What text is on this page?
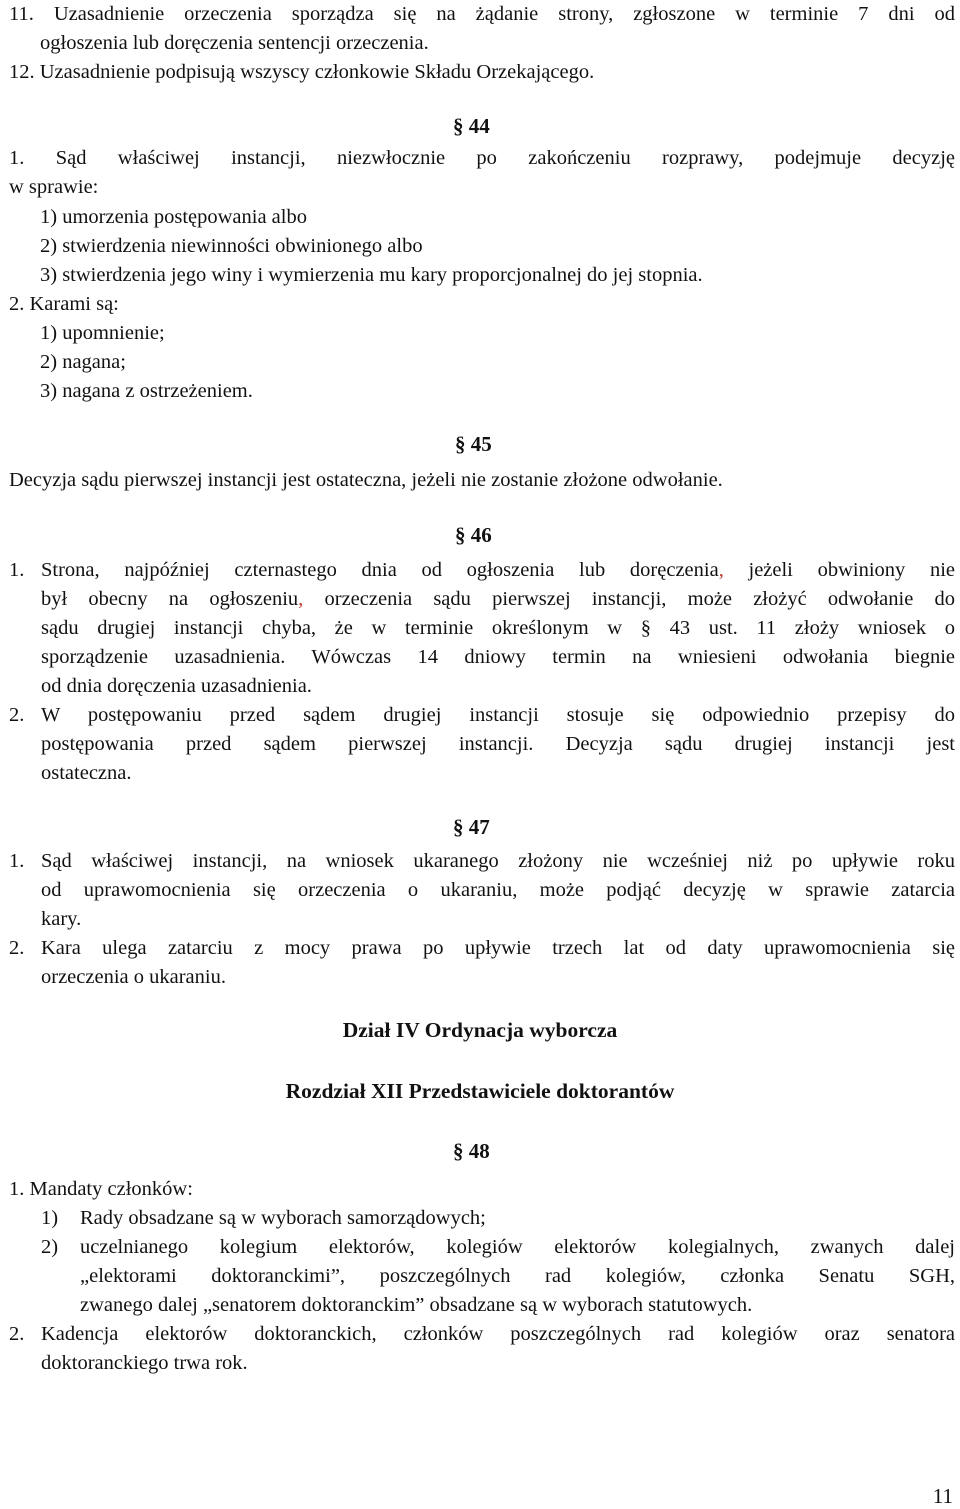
11. Uzasadnienie orzeczenia sporządza się na żądanie strony, zgłoszone w terminie 7 dni od
ogłoszenia lub doręczenia sentencji orzeczenia.
12. Uzasadnienie podpisują wszyscy członkowie Składu Orzekającego.
§ 44
1. Sąd właściwej instancji, niezwłocznie po zakończeniu rozprawy, podejmuje decyzję
w sprawie:
1) umorzenia postępowania albo
2) stwierdzenia niewinności obwinionego albo
3) stwierdzenia jego winy i wymierzenia mu kary proporcjonalnej do jej stopnia.
2. Karami są:
1) upomnienie;
2) nagana;
3) nagana z ostrzeżeniem.
§ 45
Decyzja sądu pierwszej instancji jest ostateczna, jeżeli nie zostanie złożone odwołanie.
§ 46
1. Strona, najpóźniej czternastego dnia od ogłoszenia lub doręczenia, jeżeli obwiniony nie
był obecny na ogłoszeniu, orzeczenia sądu pierwszej instancji, może złożyć odwołanie do
sądu drugiej instancji chyba, że w terminie określonym w § 43 ust. 11 złoży wniosek o
sporządzenie uzasadnienia. Wówczas 14 dniowy termin na wniesieni odwołania biegnie
od dnia doręczenia uzasadnienia.
2. W postępowaniu przed sądem drugiej instancji stosuje się odpowiednio przepisy do
postępowania przed sądem pierwszej instancji. Decyzja sądu drugiej instancji jest
ostateczna.
§ 47
1. Sąd właściwej instancji, na wniosek ukaranego złożony nie wcześniej niż po upływie roku
od uprawomocnienia się orzeczenia o ukaraniu, może podjąć decyzję w sprawie zatarcia
kary.
2. Kara ulega zatarciu z mocy prawa po upływie trzech lat od daty uprawomocnienia się
orzeczenia o ukaraniu.
Dział IV Ordynacja wyborcza
Rozdział XII Przedstawiciele doktorantów
§ 48
1. Mandaty członków:
1) Rady obsadzane są w wyborach samorządowych;
2) uczelnianego kolegium elektorów, kolegiów elektorów kolegialnych, zwanych dalej
„elektorami doktoranckimi”, poszczególnych rad kolegiów, członka Senatu SGH,
zwanego dalej „senatorem doktoranckim” obsadzane są w wyborach statutowych.
2. Kadencja elektorów doktoranckich, członków poszczególnych rad kolegiów oraz senatora
doktoranckiego trwa rok.
11
